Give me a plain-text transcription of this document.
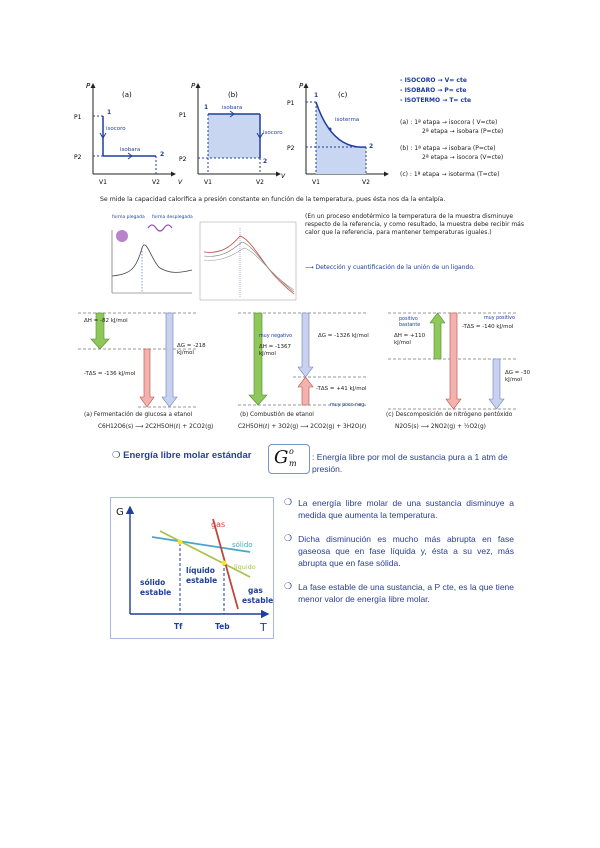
P
(a)
P1
P2
V1	V2
1
2
isocoro
isobara
P
(b)
P1
P2
V1	V2
1
2
isobara
isocoro
P
(c)
P1
P2
V1	V2
1
2
isoterma
V
V
- ISOCORO → V= cte
- ISOBARO → P= cte
- ISOTERMO → T= cte
(a) : 1ª etapa → isocora ( V=cte)
2ª etapa → isobara (P=cte)
(b) : 1ª etapa → isobara (P=cte)
2ª etapa → isocora (V=cte)
(c) : 1ª etapa → isoterma (T=cte)
Se mide la capacidad calorífica a presión constante en función de la temperatura, pues ésta nos da la entalpía.
forma plegada forma desplegada	(En un proceso endotérmico la temperatura de la muestra disminuye respecto de la referencia, y como resultado, la muestra debe recibir más calor que la referencia, para mantener temperaturas iguales.)
⟶ Detección y cuantificación de la unión de un ligando.
ΔH = -82 kJ/mol
ΔG = -218 kJ/mol
-TΔS = -136 kJ/mol
muy negativo
ΔH = -1367 kJ/mol
ΔG = -1326 kJ/mol
-TΔS = +41 kJ/mol
muy poco neg.
positivo bastante
ΔH = +110 kJ/mol
-TΔS = -140 kJ/mol
muy positivo
ΔG = -30 kJ/mol
(a) Fermentación de glucosa a etanol
C6H12O6(s) ⟶ 2C2H5OH(ℓ) + 2CO2(g)
(b) Combustión de etanol
C2H5OH(ℓ) + 3O2(g) ⟶ 2CO2(g) + 3H2O(ℓ)
(c) Descomposición de nitrógeno pentóxido
N2O5(s) ⟶ 2NO2(g) + ½O2(g)
❍ Energía libre molar estándar G o
m
: Energía libre por mol de sustancia pura a 1 atm de presión.
G
T
Tf	Teb
gas
sólido
líquido
sólido
estable
líquido
estable
gas
estable
❍ La energía libre molar de una sustancia disminuye a medida que aumenta la temperatura.
❍ Dicha disminución es mucho más abrupta en fase gaseosa que en fase líquida y, ésta a su vez, más abrupta que en fase sólida.
❍ La fase estable de una sustancia, a P cte, es la que tiene menor valor de energía libre molar.
